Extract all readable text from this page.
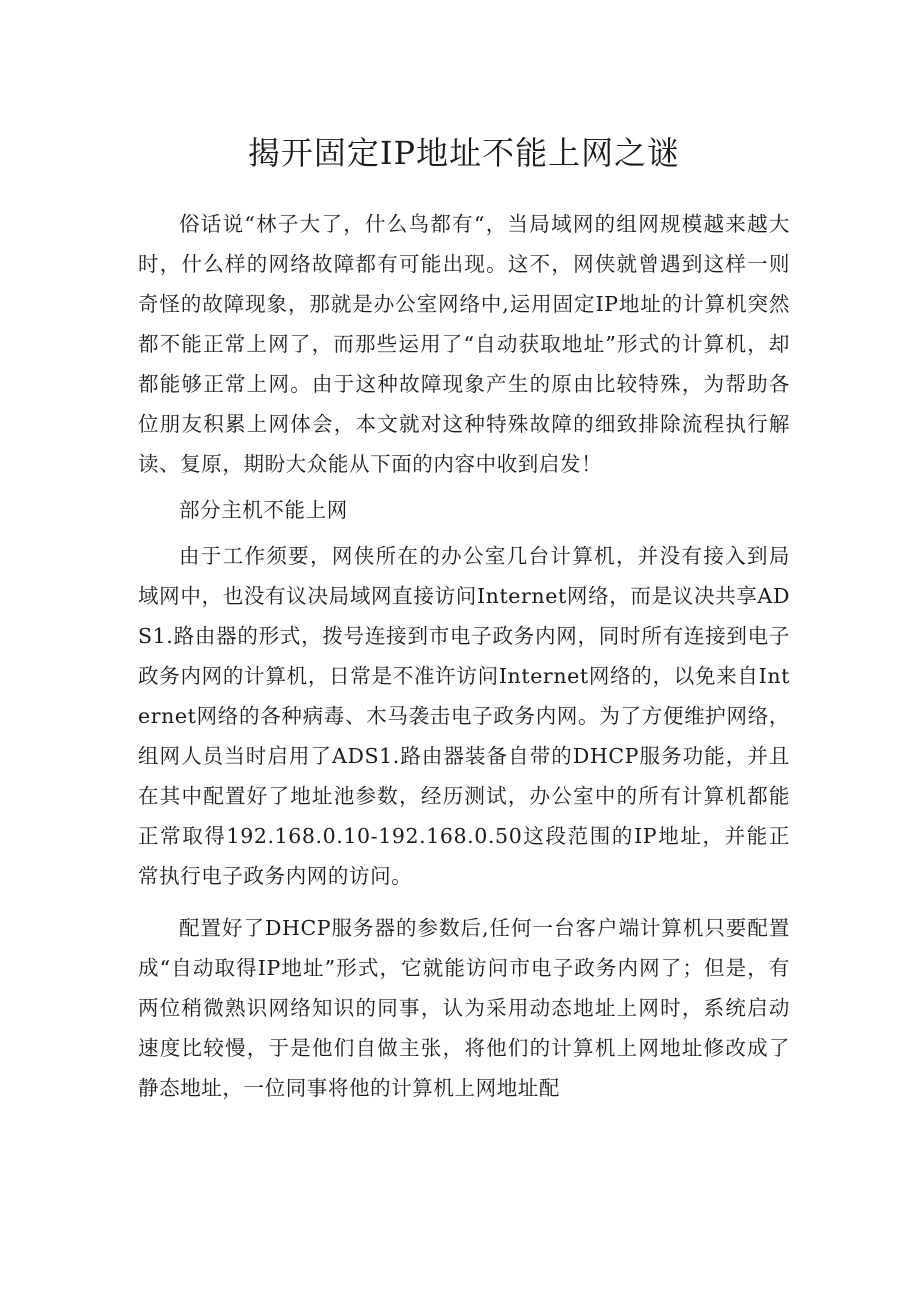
揭开固定IP地址不能上网之谜

俗话说“林子大了，什么鸟都有“，当局域网的组网规模越来越大时，什么样的网络故障都有可能出现。这不，网侠就曾遇到这样一则奇怪的故障现象，那就是办公室网络中,运用固定IP地址的计算机突然都不能正常上网了，而那些运用了“自动获取地址”形式的计算机，却都能够正常上网。由于这种故障现象产生的原由比较特殊，为帮助各位朋友积累上网体会，本文就对这种特殊故障的细致排除流程执行解读、复原，期盼大众能从下面的内容中收到启发！

部分主机不能上网

由于工作须要，网侠所在的办公室几台计算机，并没有接入到局域网中，也没有议决局域网直接访问Internet网络，而是议决共享ADS1.路由器的形式，拨号连接到市电子政务内网，同时所有连接到电子政务内网的计算机，日常是不准许访问Internet网络的，以免来自Internet网络的各种病毒、木马袭击电子政务内网。为了方便维护网络，组网人员当时启用了ADS1.路由器装备自带的DHCP服务功能，并且在其中配置好了地址池参数，经历测试，办公室中的所有计算机都能正常取得192.168.0.10-192.168.0.50这段范围的IP地址，并能正常执行电子政务内网的访问。

配置好了DHCP服务器的参数后,任何一台客户端计算机只要配置成“自动取得IP地址”形式，它就能访问市电子政务内网了；但是，有两位稍微熟识网络知识的同事，认为采用动态地址上网时，系统启动速度比较慢，于是他们自做主张，将他们的计算机上网地址修改成了静态地址，一位同事将他的计算机上网地址配
